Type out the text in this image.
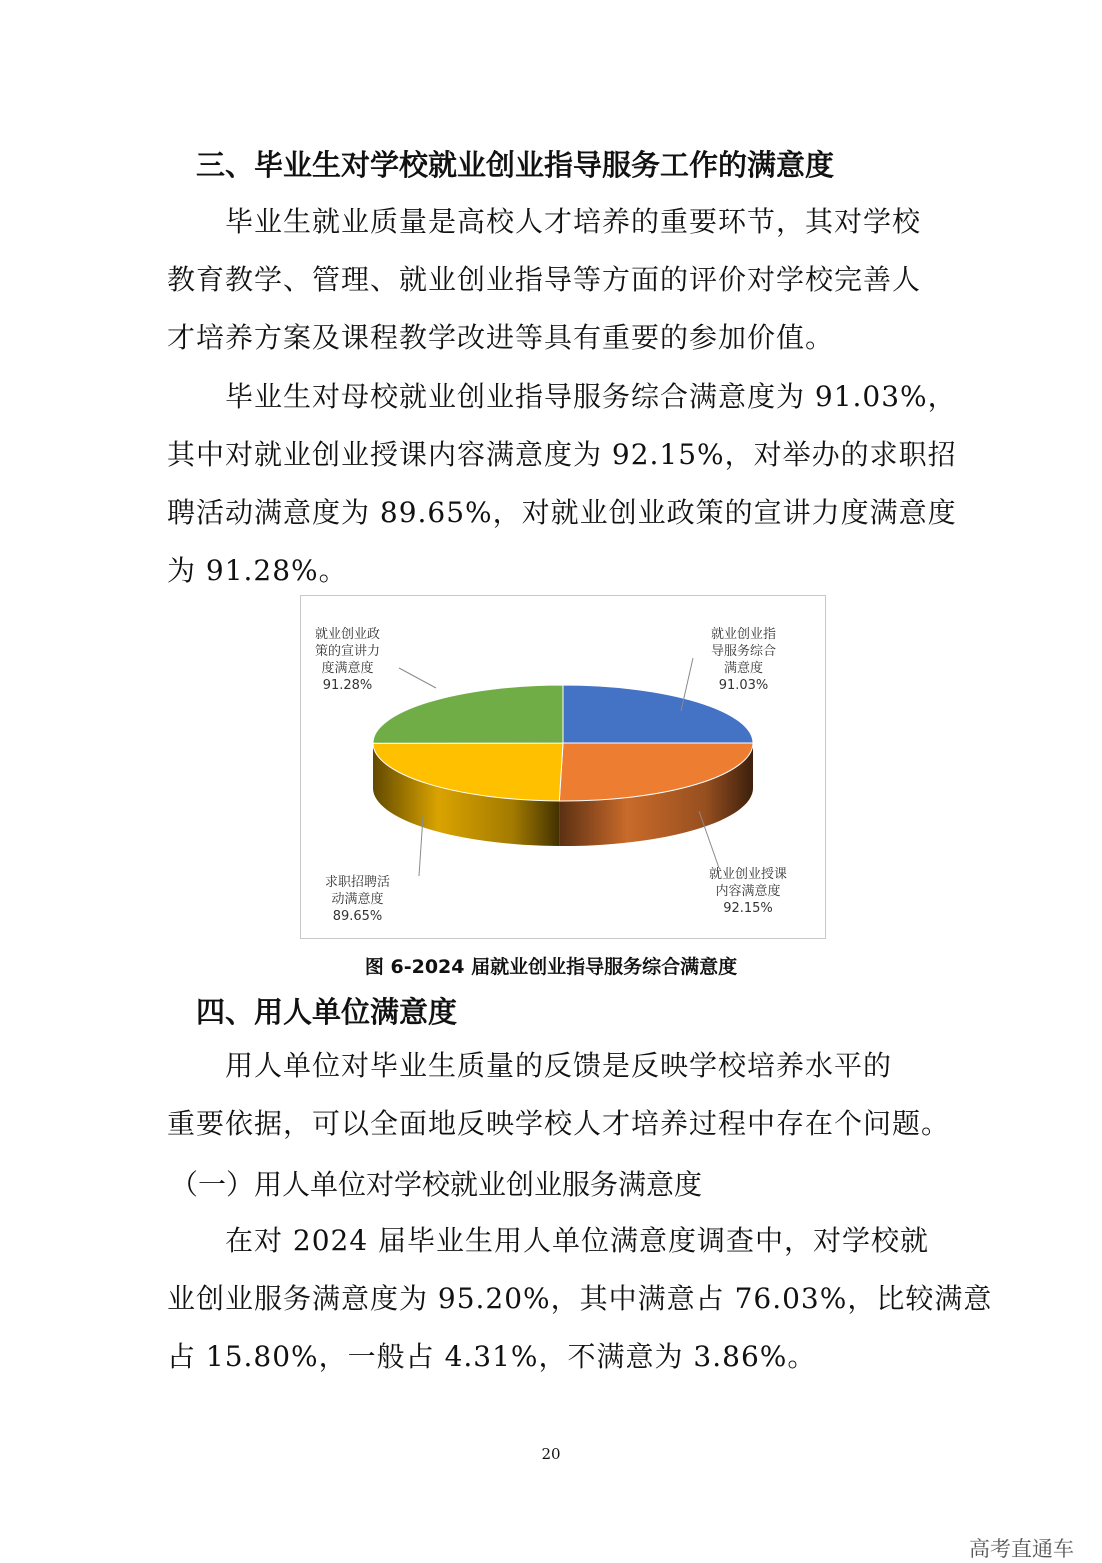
三、毕业生对学校就业创业指导服务工作的满意度

毕业生就业质量是高校人才培养的重要环节，其对学校
教育教学、管理、就业创业指导等方面的评价对学校完善人
才培养方案及课程教学改进等具有重要的参加价值。

毕业生对母校就业创业指导服务综合满意度为 91.03%，
其中对就业创业授课内容满意度为 92.15%，对举办的求职招
聘活动满意度为 89.65%，对就业创业政策的宣讲力度满意度
为 91.28%。

就业创业指
导服务综合
满意度
91.03%
就业创业授课
内容满意度
92.15%
求职招聘活
动满意度
89.65%
就业创业政
策的宣讲力
度满意度
91.28%
图 6-2024 届就业创业指导服务综合满意度
四、用人单位满意度

用人单位对毕业生质量的反馈是反映学校培养水平的
重要依据，可以全面地反映学校人才培养过程中存在个问题。

（一）用人单位对学校就业创业服务满意度

在对 2024 届毕业生用人单位满意度调查中，对学校就
业创业服务满意度为 95.20%，其中满意占 76.03%，比较满意
占 15.80%，一般占 4.31%，不满意为 3.86%。

20
高考直通车
